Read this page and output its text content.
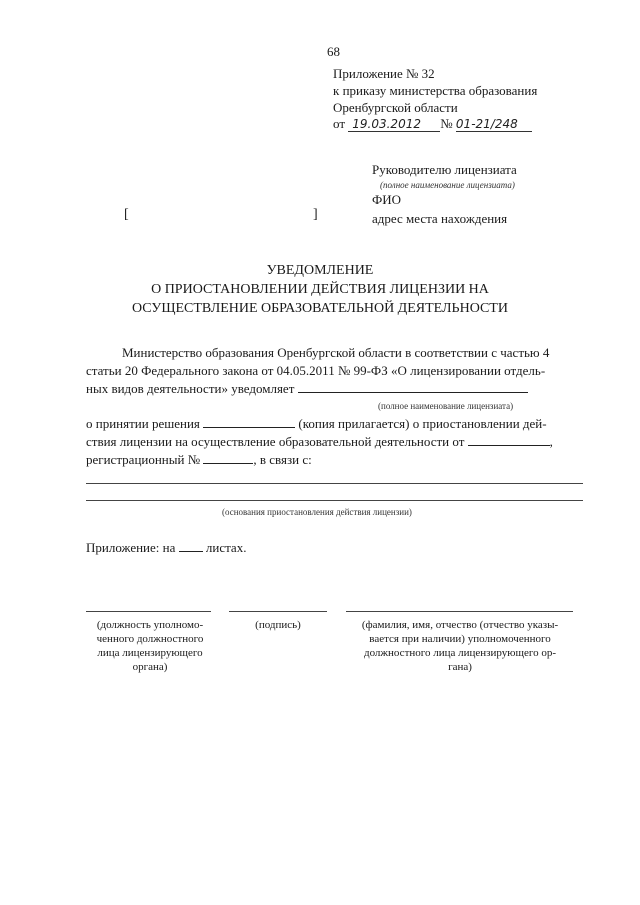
68
Приложение № 32
к приказу министерства образования
Оренбургской области
от 19.03.2012 № 01-21/248
Руководителю лицензиата
(полное наименование лицензиата)
ФИО
адрес места нахождения
[	]
УВЕДОМЛЕНИЕ
О ПРИОСТАНОВЛЕНИИ ДЕЙСТВИЯ ЛИЦЕНЗИИ НА
ОСУЩЕСТВЛЕНИЕ ОБРАЗОВАТЕЛЬНОЙ ДЕЯТЕЛЬНОСТИ
Министерство образования Оренбургской области в соответствии с частью 4
статьи 20 Федерального закона от 04.05.2011 № 99-ФЗ «О лицензировании отдель-
ных видов деятельности» уведомляет
(полное наименование лицензиата)
о принятии решения	(копия прилагается) о приостановлении дей-
ствия лицензии на осуществление образовательной деятельности от	,
регистрационный №	, в связи с:
(основания приостановления действия лицензии)
Приложение: на листах.
(должность уполномо-
ченного должностного
лица лицензирующего
органа)
(подпись)	(фамилия, имя, отчество (отчество указы-
вается при наличии) уполномоченного
должностного лица лицензирующего ор-
гана)
